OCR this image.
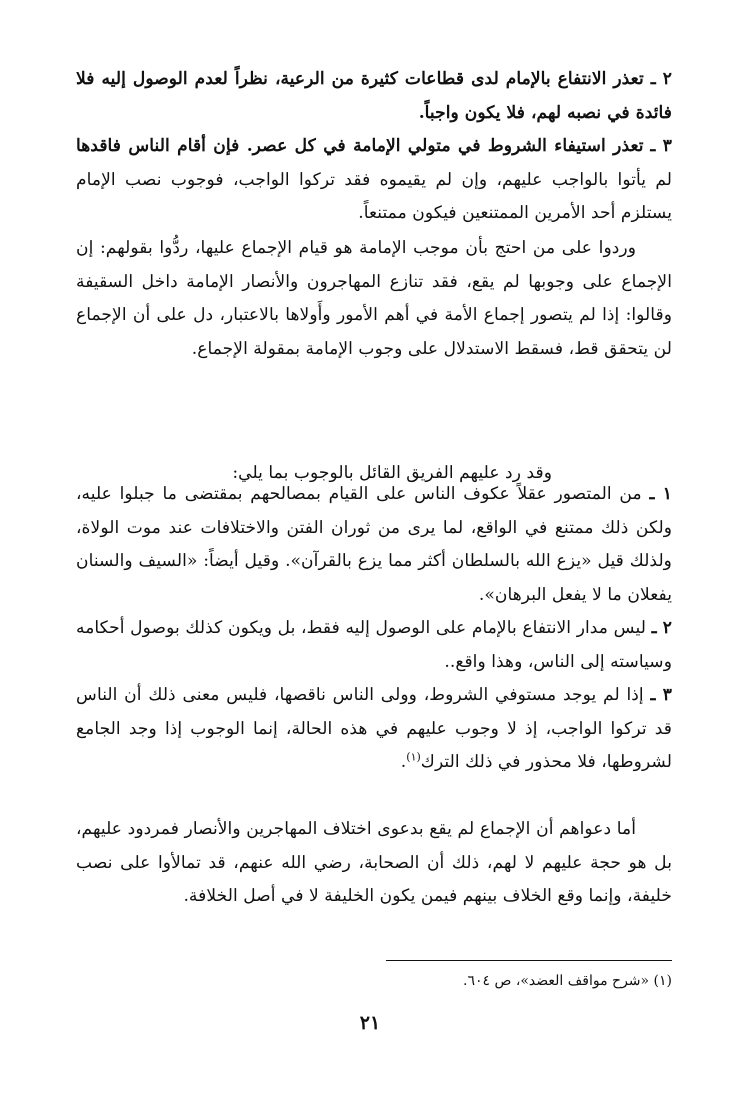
٢ ـ تعذر الانتفاع بالإمام لدى قطاعات كثيرة من الرعية، نظراً لعدم الوصول إليه فلا فائدة في نصبه لهم، فلا يكون واجباً.

٣ ـ تعذر استيفاء الشروط في متولي الإمامة في كل عصر. فإن أقام الناس فاقدها لم يأتوا بالواجب عليهم، وإن لم يقيموه فقد تركوا الواجب، فوجوب نصب الإمام يستلزم أحد الأمرين الممتنعين فيكون ممتنعاً.

وردوا على من احتج بأن موجب الإمامة هو قيام الإجماع عليها، ردُّوا بقولهم: إن الإجماع على وجوبها لم يقع، فقد تنازع المهاجرون والأنصار الإمامة داخل السقيفة وقالوا: إذا لم يتصور إجماع الأمة في أهم الأمور وأَولاها بالاعتبار، دل على أن الإجماع لن يتحقق قط، فسقط الاستدلال على وجوب الإمامة بمقولة الإجماع.

وقد رد عليهم الفريق القائل بالوجوب بما يلي:

١ ـ من المتصور عقلاً عكوف الناس على القيام بمصالحهم بمقتضى ما جبلوا عليه، ولكن ذلك ممتنع في الواقع، لما يرى من ثوران الفتن والاختلافات عند موت الولاة، ولذلك قيل «يزع الله بالسلطان أكثر مما يزع بالقرآن». وقيل أيضاً: «السيف والسنان يفعلان ما لا يفعل البرهان».

٢ ـ ليس مدار الانتفاع بالإمام على الوصول إليه فقط، بل ويكون كذلك بوصول أحكامه وسياسته إلى الناس، وهذا واقع..

٣ ـ إذا لم يوجد مستوفي الشروط، وولى الناس ناقصها، فليس معنى ذلك أن الناس قد تركوا الواجب، إذ لا وجوب عليهم في هذه الحالة، إنما الوجوب إذا وجد الجامع لشروطها، فلا محذور في ذلك الترك$^{(١)}$.

أما دعواهم أن الإجماع لم يقع بدعوى اختلاف المهاجرين والأنصار فمردود عليهم، بل هو حجة عليهم لا لهم، ذلك أن الصحابة، رضي الله عنهم، قد تمالأوا على نصب خليفة، وإنما وقع الخلاف بينهم فيمن يكون الخليفة لا في أصل الخلافة.

(١) «شرح مواقف العضد»، ص ٦٠٤.

٢١
